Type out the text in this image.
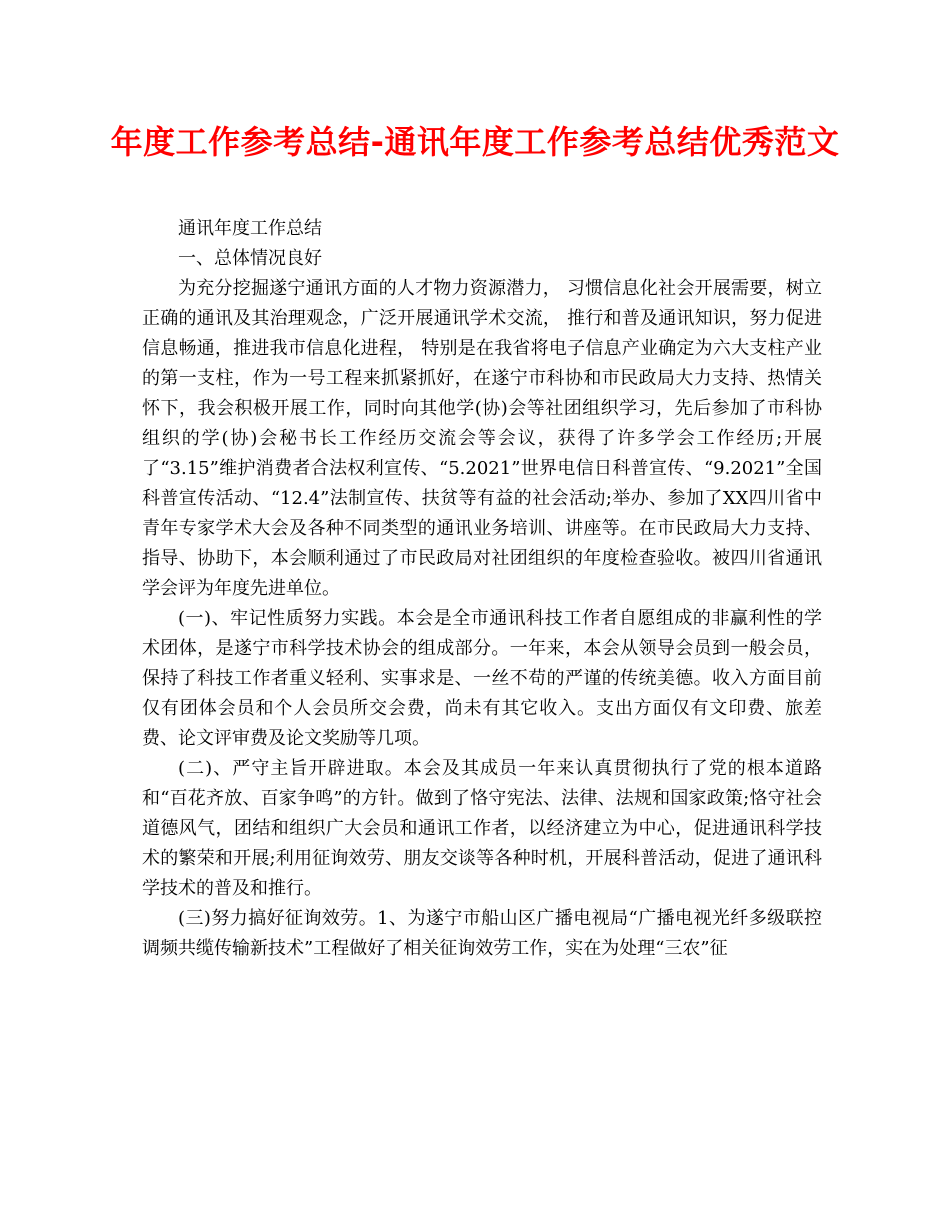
年度工作参考总结-通讯年度工作参考总结优秀范文

通讯年度工作总结

一、总体情况良好

为充分挖掘遂宁通讯方面的人才物力资源潜力， 习惯信息化社会开展需要，树立正确的通讯及其治理观念，广泛开展通讯学术交流， 推行和普及通讯知识，努力促进信息畅通，推进我市信息化进程， 特别是在我省将电子信息产业确定为六大支柱产业的第一支柱，作为一号工程来抓紧抓好，在遂宁市科协和市民政局大力支持、热情关怀下，我会积极开展工作，同时向其他学(协)会等社团组织学习，先后参加了市科协组织的学(协)会秘书长工作经历交流会等会议，获得了许多学会工作经历;开展了“3.15”维护消费者合法权利宣传、“5.2021”世界电信日科普宣传、“9.2021”全国科普宣传活动、“12.4”法制宣传、扶贫等有益的社会活动;举办、参加了XX四川省中青年专家学术大会及各种不同类型的通讯业务培训、讲座等。在市民政局大力支持、指导、协助下，本会顺利通过了市民政局对社团组织的年度检查验收。被四川省通讯学会评为年度先进单位。

(一)、牢记性质努力实践。本会是全市通讯科技工作者自愿组成的非赢利性的学术团体，是遂宁市科学技术协会的组成部分。一年来，本会从领导会员到一般会员，保持了科技工作者重义轻利、实事求是、一丝不苟的严谨的传统美德。收入方面目前仅有团体会员和个人会员所交会费，尚未有其它收入。支出方面仅有文印费、旅差费、论文评审费及论文奖励等几项。

(二)、严守主旨开辟进取。本会及其成员一年来认真贯彻执行了党的根本道路和“百花齐放、百家争鸣”的方针。做到了恪守宪法、法律、法规和国家政策;恪守社会道德风气，团结和组织广大会员和通讯工作者，以经济建立为中心，促进通讯科学技术的繁荣和开展;利用征询效劳、朋友交谈等各种时机，开展科普活动，促进了通讯科学技术的普及和推行。

(三)努力搞好征询效劳。1、为遂宁市船山区广播电视局“广播电视光纤多级联控调频共缆传输新技术”工程做好了相关征询效劳工作，实在为处理“三农”征
